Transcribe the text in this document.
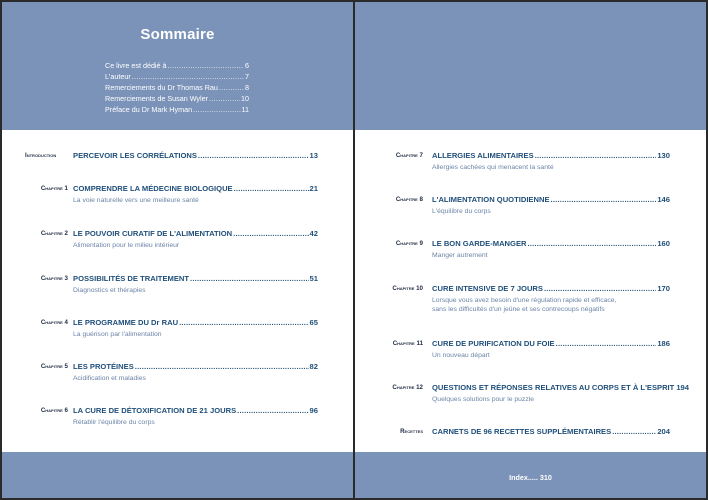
Sommaire
Ce livre est dédié à .....	6
L'auteur .....	7
Remerciements du Dr Thomas Rau .....	8
Remerciements de Susan Wyler .....	10
Préface du Dr Mark Hyman .....	11
Introduction	PERCEVOIR LES CORRÉLATIONS .....	13
Chapitre 1 COMPRENDRE LA MÉDECINE BIOLOGIQUE .....	21
La voie naturelle vers une meilleure santé
Chapitre 2 LE POUVOIR CURATIF DE L'ALIMENTATION .....	42
Alimentation pour le milieu intérieur
Chapitre 3 POSSIBILITÉS DE TRAITEMENT .....	51
Diagnostics et thérapies
Chapitre 4 LE PROGRAMME DU Dr RAU .....	65
La guérison par l'alimentation
Chapitre 5 LES PROTÉINES .....	82
Acidification et maladies
Chapitre 6 LA CURE DE DÉTOXIFICATION DE 21 JOURS .....	96
Rétablir l'équilibre du corps
Chapitre 7 ALLERGIES ALIMENTAIRES .....	130
Allergies cachées qui menacent la santé
Chapitre 8 L'ALIMENTATION QUOTIDIENNE .....	146
L'équilibre du corps
Chapitre 9 LE BON GARDE-MANGER .....	160
Manger autrement
Chapitre 10 CURE INTENSIVE DE 7 JOURS .....	170
Lorsque vous avez besoin d'une régulation rapide et efficace,
sans les difficultés d'un jeûne et ses contrecoups négatifs
Chapitre 11 CURE DE PURIFICATION DU FOIE .....	186
Un nouveau départ
Chapitre 12 QUESTIONS ET RÉPONSES RELATIVES AU CORPS ET À L'ESPRIT 194
Quelques solutions pour le puzzle
Recettes CARNETS DE 96 RECETTES SUPPLÉMENTAIRES .....	204
Index..... 310
